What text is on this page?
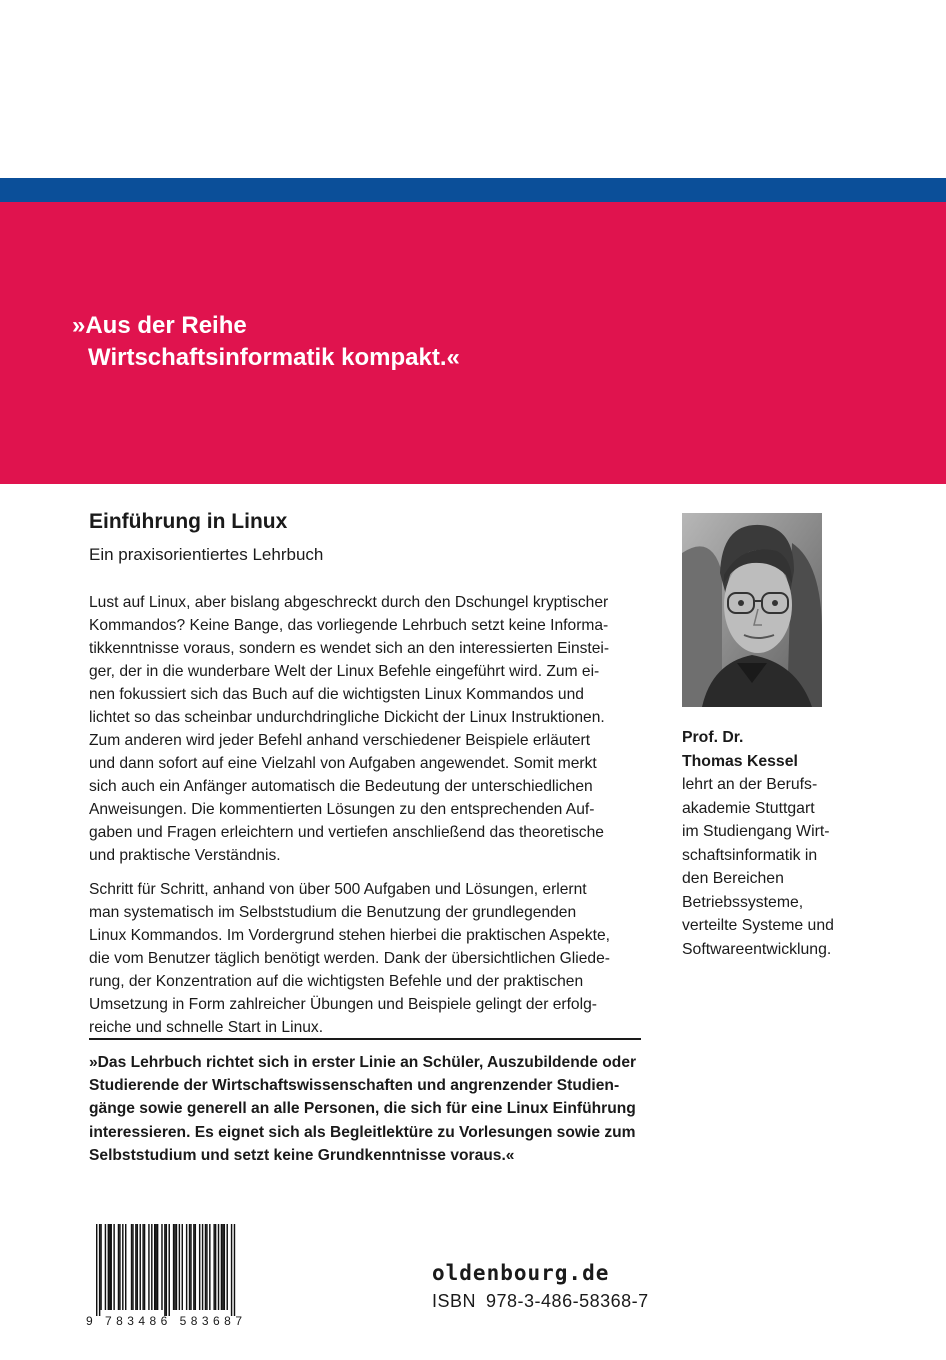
»Aus der Reihe
Wirtschaftsinformatik kompakt.«
Einführung in Linux
Ein praxisorientiertes Lehrbuch
Lust auf Linux, aber bislang abgeschreckt durch den Dschungel kryptischer
Kommandos? Keine Bange, das vorliegende Lehrbuch setzt keine Informa-
tikkenntnisse voraus, sondern es wendet sich an den interessierten Einstei-
ger, der in die wunderbare Welt der Linux Befehle eingeführt wird. Zum ei-
nen fokussiert sich das Buch auf die wichtigsten Linux Kommandos und
lichtet so das scheinbar undurchdringliche Dickicht der Linux Instruktionen.
Zum anderen wird jeder Befehl anhand verschiedener Beispiele erläutert
und dann sofort auf eine Vielzahl von Aufgaben angewendet. Somit merkt
sich auch ein Anfänger automatisch die Bedeutung der unterschiedlichen
Anweisungen. Die kommentierten Lösungen zu den entsprechenden Auf-
gaben und Fragen erleichtern und vertiefen anschließend das theoretische
und praktische Verständnis.
Schritt für Schritt, anhand von über 500 Aufgaben und Lösungen, erlernt
man systematisch im Selbststudium die Benutzung der grundlegenden
Linux Kommandos. Im Vordergrund stehen hierbei die praktischen Aspekte,
die vom Benutzer täglich benötigt werden. Dank der übersichtlichen Gliede-
rung, der Konzentration auf die wichtigsten Befehle und der praktischen
Umsetzung in Form zahlreicher Übungen und Beispiele gelingt der erfolg-
reiche und schnelle Start in Linux.
»Das Lehrbuch richtet sich in erster Linie an Schüler, Auszubildende oder
Studierende der Wirtschaftswissenschaften und angrenzender Studien-
gänge sowie generell an alle Personen, die sich für eine Linux Einführung
interessieren. Es eignet sich als Begleitlektüre zu Vorlesungen sowie zum
Selbststudium und setzt keine Grundkenntnisse voraus.«
Prof. Dr.
Thomas Kessel
lehrt an der Berufs-
akademie Stuttgart
im Studiengang Wirt-
schaftsinformatik in
den Bereichen
Betriebssysteme,
verteilte Systeme und
Softwareentwicklung.
9 783486 583687
oldenbourg.de
ISBN 978-3-486-58368-7
